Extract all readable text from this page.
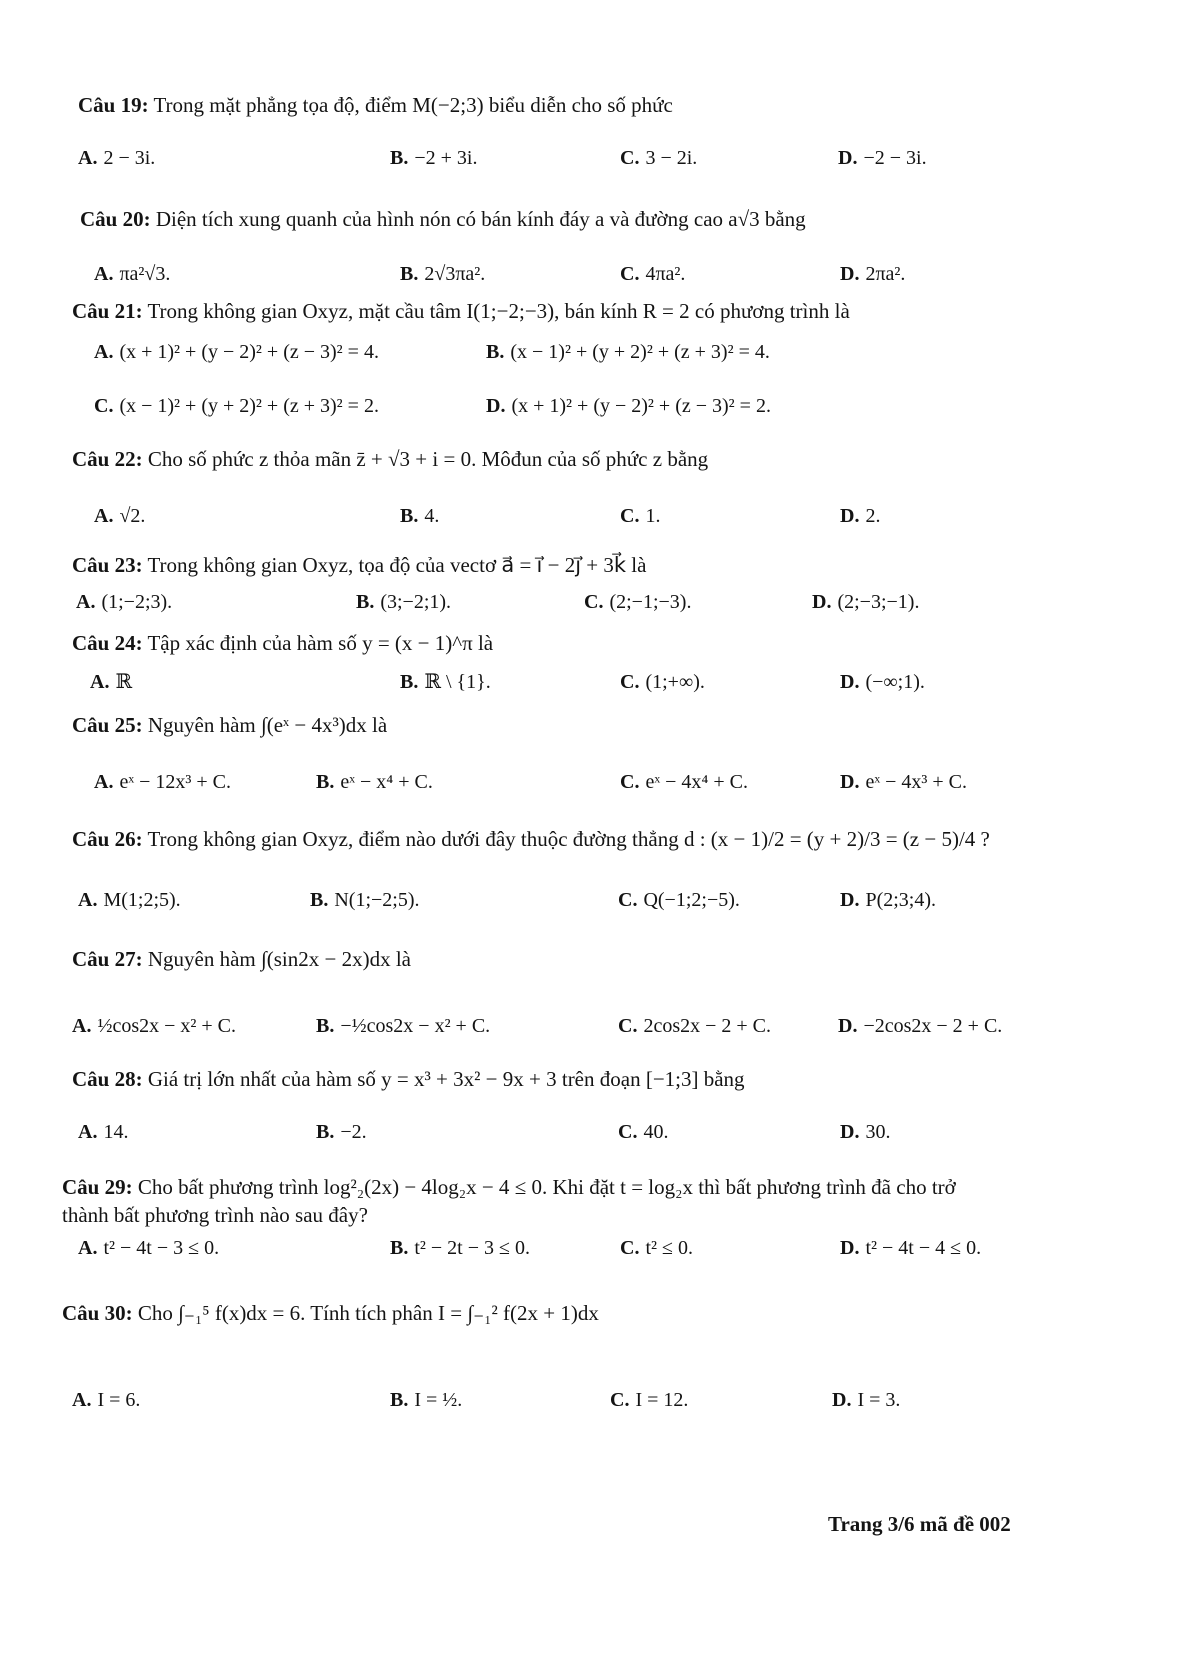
Câu 19: Trong mặt phẳng tọa độ, điểm M(−2;3) biểu diễn cho số phức
A. 2 − 3i.	B. −2 + 3i.	C. 3 − 2i.	D. −2 − 3i.
Câu 20: Diện tích xung quanh của hình nón có bán kính đáy a và đường cao a√3 bằng
A. πa²√3.	B. 2√3πa².	C. 4πa².	D. 2πa².
Câu 21: Trong không gian Oxyz, mặt cầu tâm I(1;−2;−3), bán kính R = 2 có phương trình là
A. (x + 1)² + (y − 2)² + (z − 3)² = 4.	B. (x − 1)² + (y + 2)² + (z + 3)² = 4.
C. (x − 1)² + (y + 2)² + (z + 3)² = 2.	D. (x + 1)² + (y − 2)² + (z − 3)² = 2.
Câu 22: Cho số phức z thỏa mãn z̄ + √3 + i = 0. Môđun của số phức z bằng
A. √2.	B. 4.	C. 1.	D. 2.
Câu 23: Trong không gian Oxyz, tọa độ của vectơ a⃗ = i⃗ − 2j⃗ + 3k⃗ là
A. (1;−2;3).	B. (3;−2;1).	C. (2;−1;−3).	D. (2;−3;−1).
Câu 24: Tập xác định của hàm số y = (x − 1)^π là
A. ℝ	B. ℝ \ {1}.	C. (1;+∞).	D. (−∞;1).
Câu 25: Nguyên hàm ∫(eˣ − 4x³)dx là
A. eˣ − 12x³ + C.	B. eˣ − x⁴ + C.	C. eˣ − 4x⁴ + C.	D. eˣ − 4x³ + C.
Câu 26: Trong không gian Oxyz, điểm nào dưới đây thuộc đường thẳng d : (x − 1)/2 = (y + 2)/3 = (z − 5)/4 ?
A. M(1;2;5).	B. N(1;−2;5).	C. Q(−1;2;−5).	D. P(2;3;4).
Câu 27: Nguyên hàm ∫(sin2x − 2x)dx là
A. ½cos2x − x² + C.	B. −½cos2x − x² + C.	C. 2cos2x − 2 + C.	D. −2cos2x − 2 + C.
Câu 28: Giá trị lớn nhất của hàm số y = x³ + 3x² − 9x + 3 trên đoạn [−1;3] bằng
A. 14.	B. −2.	C. 40.	D. 30.
Câu 29: Cho bất phương trình log²₂(2x) − 4log₂x − 4 ≤ 0. Khi đặt t = log₂x thì bất phương trình đã cho trở
thành bất phương trình nào sau đây?
A. t² − 4t − 3 ≤ 0.	B. t² − 2t − 3 ≤ 0.	C. t² ≤ 0.	D. t² − 4t − 4 ≤ 0.
Câu 30: Cho ∫₋₁⁵ f(x)dx = 6. Tính tích phân I = ∫₋₁² f(2x + 1)dx
A. I = 6.	B. I = ½.	C. I = 12.	D. I = 3.
Trang 3/6 mã đề 002
